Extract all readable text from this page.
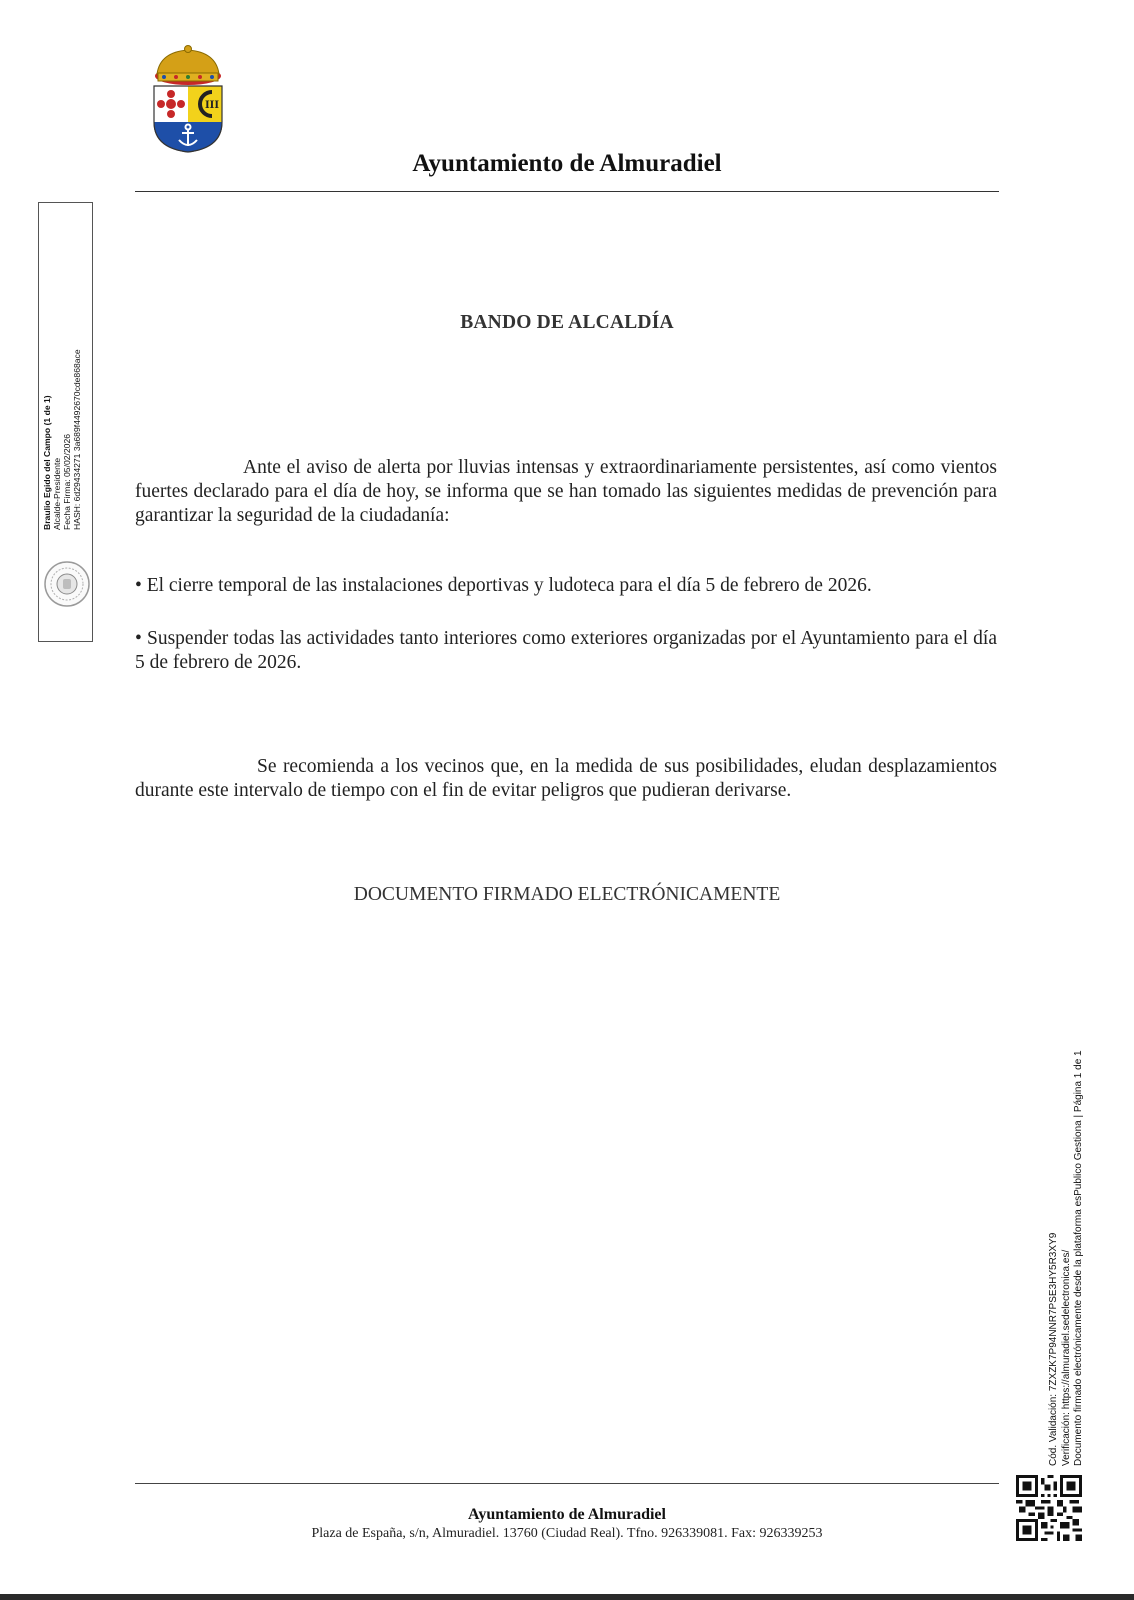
III
Ayuntamiento de Almuradiel
Braulio Egido del Campo (1 de 1) Alcalde-Presidente Fecha Firma: 05/02/2026 HASH: 6d29434271 3a689f4492670cde868ace
BANDO DE ALCALDÍA
Ante el aviso de alerta por lluvias intensas y extraordinariamente persistentes, así como vientos fuertes declarado para el día de hoy, se informa que se han tomado las siguientes medidas de prevención para garantizar la seguridad de la ciudadanía:
• El cierre temporal de las instalaciones deportivas y ludoteca para el día 5 de febrero de 2026.
• Suspender todas las actividades tanto interiores como exteriores organizadas por el Ayuntamiento para el día 5 de febrero de 2026.
Se recomienda a los vecinos que, en la medida de sus posibilidades, eludan desplazamientos durante este intervalo de tiempo con el fin de evitar peligros que pudieran derivarse.
DOCUMENTO FIRMADO ELECTRÓNICAMENTE
Cód. Validación: 7ZXZK7P94NNR7PSE3HY5R3XY9 Verificación: https://almuradiel.sedelectronica.es/ Documento firmado electrónicamente desde la plataforma esPublico Gestiona | Página 1 de 1
Ayuntamiento de Almuradiel
Plaza de España, s/n, Almuradiel. 13760 (Ciudad Real). Tfno. 926339081. Fax: 926339253
